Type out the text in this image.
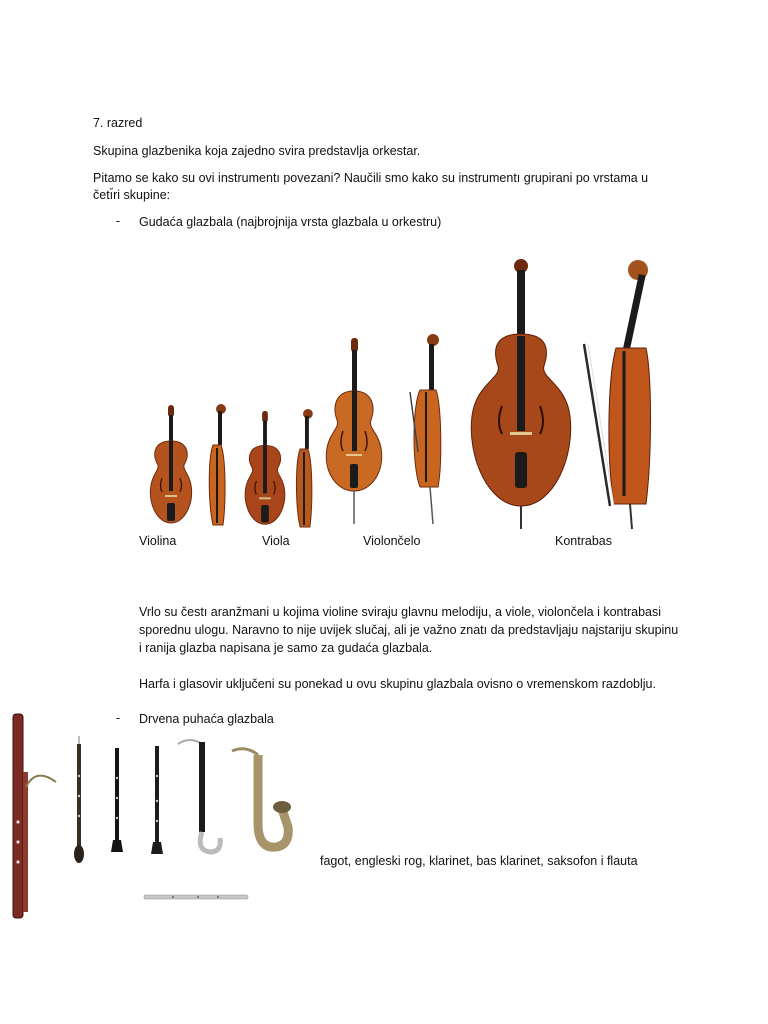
7. razred
Skupina glazbenika koja zajedno svira predstavlja orkestar.
Pitamo se kako su ovi instrumentı povezani? Naučili smo kako su instrumentı grupirani po vrstama u
četı̆ri skupine:
- Gudaća glazbala (najbrojnija vrsta glazbala u orkestru)
Violina	Viola	Violončelo	Kontrabas
Vrlo su čestı aranžmani u kojima violine sviraju glavnu melodiju, a viole, violončela i kontrabasi sporednu ulogu. Naravno to nije uvijek slučaj, ali je važno znatı da predstavljaju najstariju skupinu i ranija glazba napisana je samo za gudaća glazbala.
Harfa i glasovir uključeni su ponekad u ovu skupinu glazbala ovisno o vremenskom razdoblju.
- Drvena puhaća glazbala
fagot, engleski rog, klarinet, bas klarinet, saksofon i flauta
